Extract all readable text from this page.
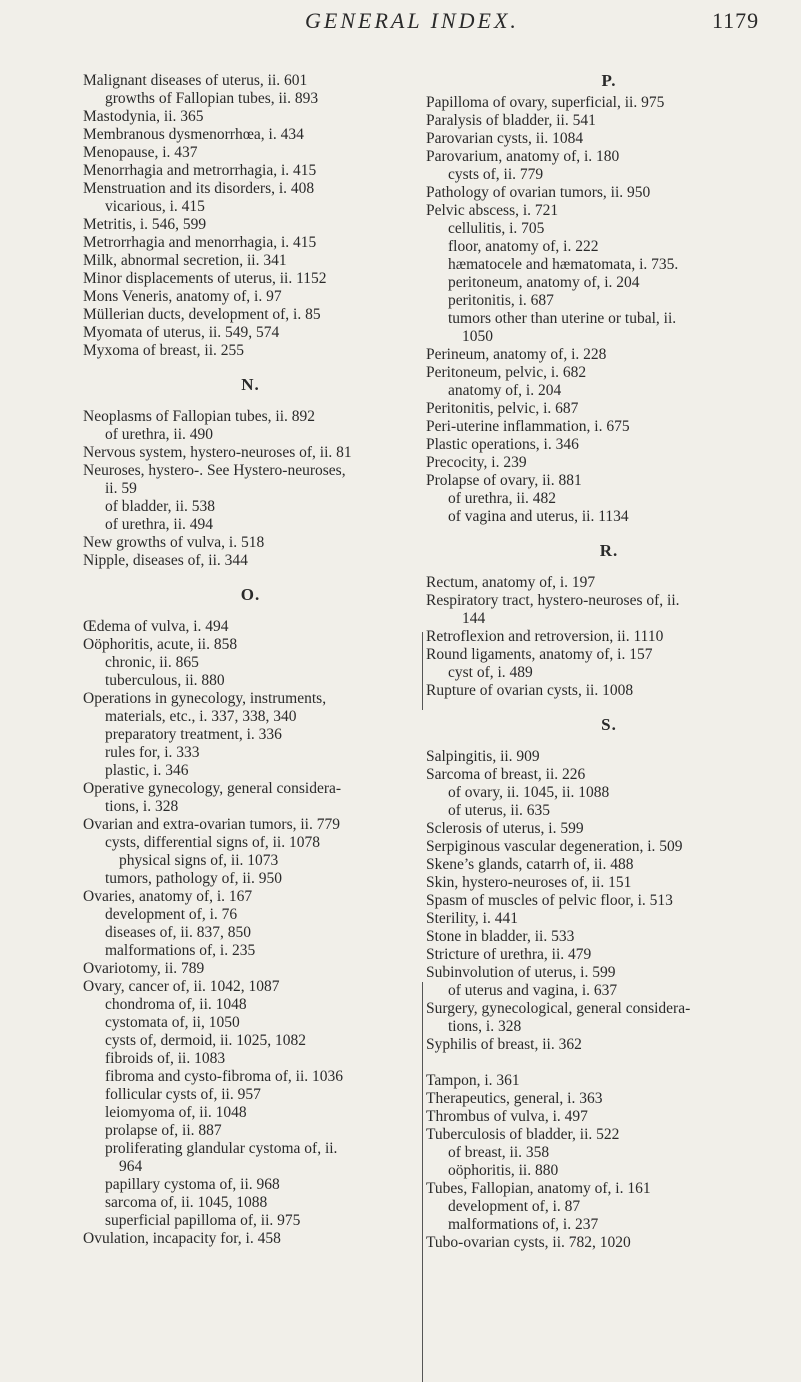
GENERAL INDEX.	1179
Malignant diseases of uterus, ii. 601
growths of Fallopian tubes, ii. 893
Mastodynia, ii. 365
Membranous dysmenorrhœa, i. 434
Menopause, i. 437
Menorrhagia and metrorrhagia, i. 415
Menstruation and its disorders, i. 408
vicarious, i. 415
Metritis, i. 546, 599
Metrorrhagia and menorrhagia, i. 415
Milk, abnormal secretion, ii. 341
Minor displacements of uterus, ii. 1152
Mons Veneris, anatomy of, i. 97
Müllerian ducts, development of, i. 85
Myomata of uterus, ii. 549, 574
Myxoma of breast, ii. 255
N.
Neoplasms of Fallopian tubes, ii. 892
of urethra, ii. 490
Nervous system, hystero-neuroses of, ii. 81
Neuroses, hystero-. See Hystero-neuroses,
ii. 59
of bladder, ii. 538
of urethra, ii. 494
New growths of vulva, i. 518
Nipple, diseases of, ii. 344
O.
Œdema of vulva, i. 494
Oöphoritis, acute, ii. 858
chronic, ii. 865
tuberculous, ii. 880
Operations in gynecology, instruments,
materials, etc., i. 337, 338, 340
preparatory treatment, i. 336
rules for, i. 333
plastic, i. 346
Operative gynecology, general considera-
tions, i. 328
Ovarian and extra-ovarian tumors, ii. 779
cysts, differential signs of, ii. 1078
physical signs of, ii. 1073
tumors, pathology of, ii. 950
Ovaries, anatomy of, i. 167
development of, i. 76
diseases of, ii. 837, 850
malformations of, i. 235
Ovariotomy, ii. 789
Ovary, cancer of, ii. 1042, 1087
chondroma of, ii. 1048
cystomata of, ii, 1050
cysts of, dermoid, ii. 1025, 1082
fibroids of, ii. 1083
fibroma and cysto-fibroma of, ii. 1036
follicular cysts of, ii. 957
leiomyoma of, ii. 1048
prolapse of, ii. 887
proliferating glandular cystoma of, ii.
964
papillary cystoma of, ii. 968
sarcoma of, ii. 1045, 1088
superficial papilloma of, ii. 975
Ovulation, incapacity for, i. 458
P.
Papilloma of ovary, superficial, ii. 975
Paralysis of bladder, ii. 541
Parovarian cysts, ii. 1084
Parovarium, anatomy of, i. 180
cysts of, ii. 779
Pathology of ovarian tumors, ii. 950
Pelvic abscess, i. 721
cellulitis, i. 705
floor, anatomy of, i. 222
hæmatocele and hæmatomata, i. 735.
peritoneum, anatomy of, i. 204
peritonitis, i. 687
tumors other than uterine or tubal, ii.
1050
Perineum, anatomy of, i. 228
Peritoneum, pelvic, i. 682
anatomy of, i. 204
Peritonitis, pelvic, i. 687
Peri-uterine inflammation, i. 675
Plastic operations, i. 346
Precocity, i. 239
Prolapse of ovary, ii. 881
of urethra, ii. 482
of vagina and uterus, ii. 1134
R.
Rectum, anatomy of, i. 197
Respiratory tract, hystero-neuroses of, ii.
144
Retroflexion and retroversion, ii. 1110
Round ligaments, anatomy of, i. 157
cyst of, i. 489
Rupture of ovarian cysts, ii. 1008
S.
Salpingitis, ii. 909
Sarcoma of breast, ii. 226
of ovary, ii. 1045, ii. 1088
of uterus, ii. 635
Sclerosis of uterus, i. 599
Serpiginous vascular degeneration, i. 509
Skene’s glands, catarrh of, ii. 488
Skin, hystero-neuroses of, ii. 151
Spasm of muscles of pelvic floor, i. 513
Sterility, i. 441
Stone in bladder, ii. 533
Stricture of urethra, ii. 479
Subinvolution of uterus, i. 599
of uterus and vagina, i. 637
Surgery, gynecological, general considera-
tions, i. 328
Syphilis of breast, ii. 362
Tampon, i. 361
Therapeutics, general, i. 363
Thrombus of vulva, i. 497
Tuberculosis of bladder, ii. 522
of breast, ii. 358
oöphoritis, ii. 880
Tubes, Fallopian, anatomy of, i. 161
development of, i. 87
malformations of, i. 237
Tubo-ovarian cysts, ii. 782, 1020
